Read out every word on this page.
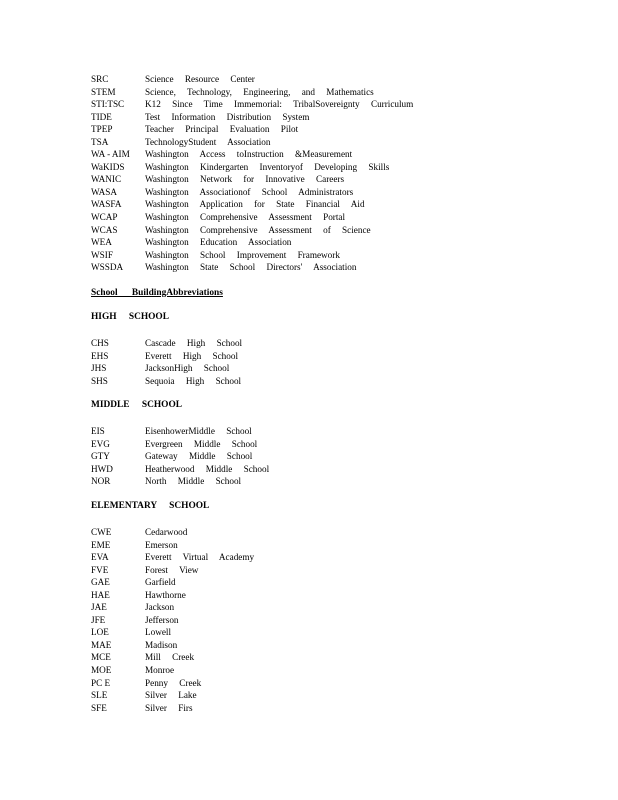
SRC	Science Resource Center
STEM	Science, Technology, Engineering, and Mathematics
STI:TSC	K12 Since Time Immemorial: TribalSovereignty Curriculum
TIDE	Test Information Distribution System
TPEP	Teacher Principal Evaluation Pilot
TSA	TechnologyStudent Association
WA - AIM	Washington Access toInstruction &Measurement
WaKIDS	Washington Kindergarten Inventoryof Developing Skills
WANIC	Washington Network for Innovative Careers
WASA	Washington Associationof School Administrators
WASFA	Washington Application for State Financial Aid
WCAP	Washington Comprehensive Assessment Portal
WCAS	Washington Comprehensive Assessment of Science
WEA	Washington Education Association
WSIF	Washington School Improvement Framework
WSSDA	Washington State School Directors' Association
School BuildingAbbreviations
HIGH SCHOOL
CHS	Cascade High School
EHS	Everett High School
JHS	JacksonHigh School
SHS	Sequoia High School
MIDDLE SCHOOL
EIS	EisenhowerMiddle School
EVG	Evergreen Middle School
GTY	Gateway Middle School
HWD	Heatherwood Middle School
NOR	North Middle School
ELEMENTARY SCHOOL
CWE	Cedarwood
EME	Emerson
EVA	Everett Virtual Academy
FVE	Forest View
GAE	Garfield
HAE	Hawthorne
JAE	Jackson
JFE	Jefferson
LOE	Lowell
MAE	Madison
MCE	Mill Creek
MOE	Monroe
PC E	Penny Creek
SLE	Silver Lake
SFE	Silver Firs
